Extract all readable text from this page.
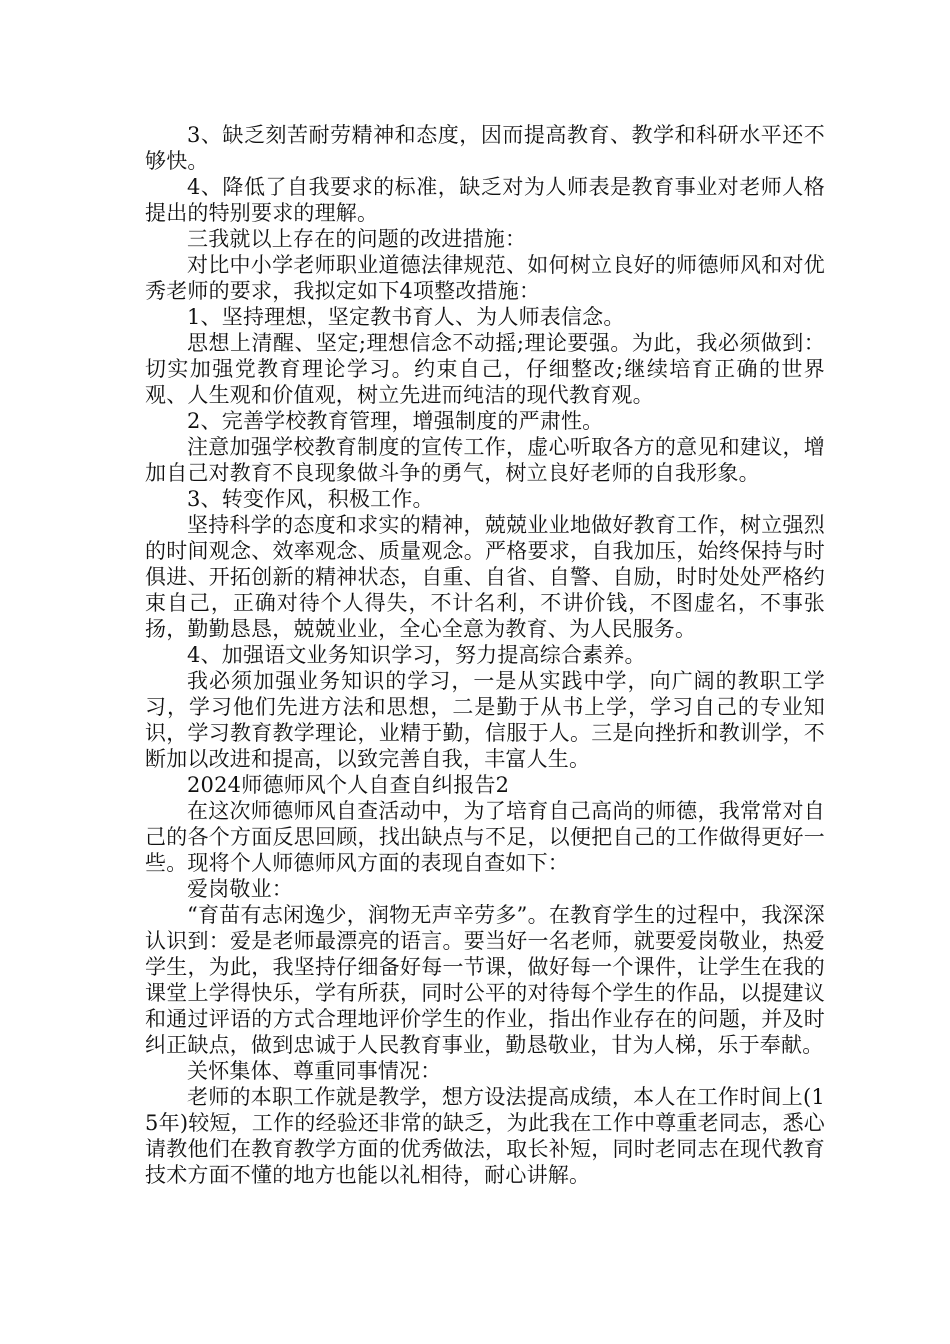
3、缺乏刻苦耐劳精神和态度，因而提高教育、教学和科研水平还不够快。

4、降低了自我要求的标准，缺乏对为人师表是教育事业对老师人格提出的特别要求的理解。

三我就以上存在的问题的改进措施：

对比中小学老师职业道德法律规范、如何树立良好的师德师风和对优秀老师的要求，我拟定如下4项整改措施：

1、坚持理想，坚定教书育人、为人师表信念。

思想上清醒、坚定;理想信念不动摇;理论要强。为此，我必须做到：切实加强党教育理论学习。约束自己，仔细整改;继续培育正确的世界观、人生观和价值观，树立先进而纯洁的现代教育观。

2、完善学校教育管理，增强制度的严肃性。

注意加强学校教育制度的宣传工作，虚心听取各方的意见和建议，增加自己对教育不良现象做斗争的勇气，树立良好老师的自我形象。

3、转变作风，积极工作。

坚持科学的态度和求实的精神，兢兢业业地做好教育工作，树立强烈的时间观念、效率观念、质量观念。严格要求，自我加压，始终保持与时俱进、开拓创新的精神状态，自重、自省、自警、自励，时时处处严格约束自己，正确对待个人得失，不计名利，不讲价钱，不图虚名，不事张扬，勤勤恳恳，兢兢业业，全心全意为教育、为人民服务。

4、加强语文业务知识学习，努力提高综合素养。

我必须加强业务知识的学习，一是从实践中学，向广阔的教职工学习，学习他们先进方法和思想，二是勤于从书上学，学习自己的专业知识，学习教育教学理论，业精于勤，信服于人。三是向挫折和教训学，不断加以改进和提高，以致完善自我，丰富人生。

2024师德师风个人自查自纠报告2

在这次师德师风自查活动中，为了培育自己高尚的师德，我常常对自己的各个方面反思回顾，找出缺点与不足，以便把自己的工作做得更好一些。现将个人师德师风方面的表现自查如下：

爱岗敬业：

“育苗有志闲逸少，润物无声辛劳多”。在教育学生的过程中，我深深认识到：爱是老师最漂亮的语言。要当好一名老师，就要爱岗敬业，热爱学生，为此，我坚持仔细备好每一节课，做好每一个课件，让学生在我的课堂上学得快乐，学有所获，同时公平的对待每个学生的作品，以提建议和通过评语的方式合理地评价学生的作业，指出作业存在的问题，并及时纠正缺点，做到忠诚于人民教育事业，勤恳敬业，甘为人梯，乐于奉献。

关怀集体、尊重同事情况：

老师的本职工作就是教学，想方设法提高成绩，本人在工作时间上(15年)较短，工作的经验还非常的缺乏，为此我在工作中尊重老同志，悉心请教他们在教育教学方面的优秀做法，取长补短，同时老同志在现代教育技术方面不懂的地方也能以礼相待，耐心讲解。
